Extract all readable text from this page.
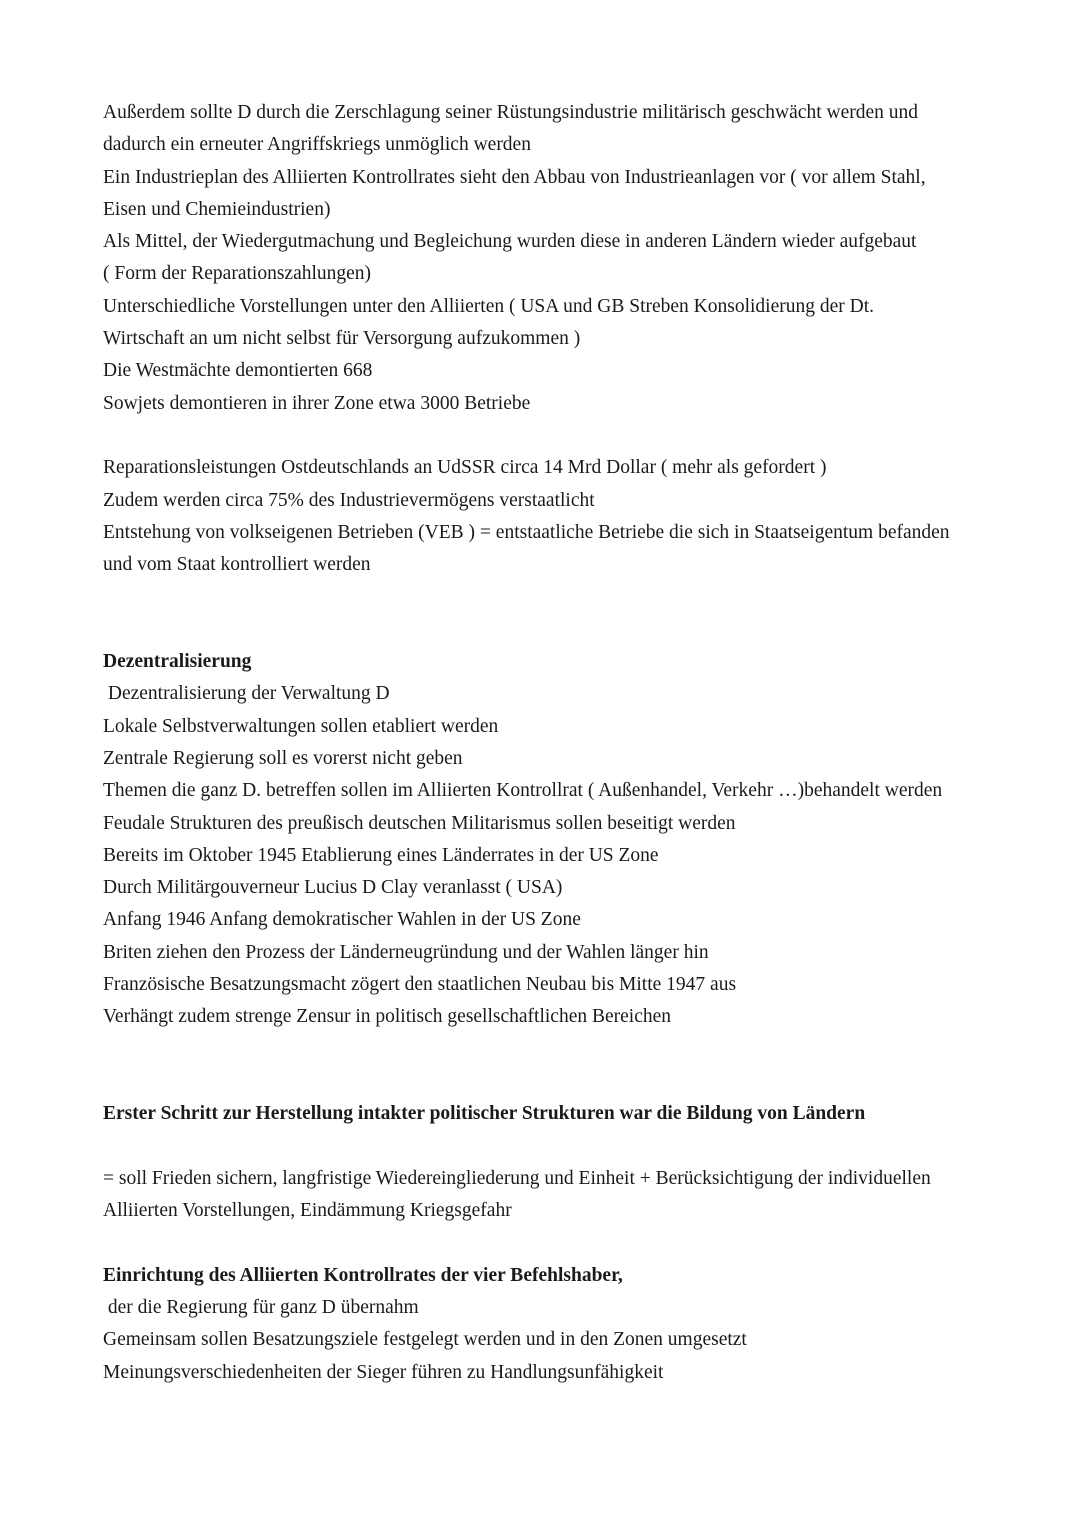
Außerdem sollte D durch die Zerschlagung seiner Rüstungsindustrie militärisch geschwächt werden und
dadurch ein erneuter Angriffskriegs unmöglich werden
Ein Industrieplan des Alliierten Kontrollrates sieht den Abbau von Industrieanlagen vor ( vor allem Stahl,
Eisen und Chemieindustrien)
Als Mittel, der Wiedergutmachung und Begleichung wurden diese in anderen Ländern wieder aufgebaut
( Form der Reparationszahlungen)
Unterschiedliche Vorstellungen unter den Alliierten ( USA und GB Streben Konsolidierung der Dt.
Wirtschaft an um nicht selbst für Versorgung aufzukommen )
Die Westmächte demontierten 668
Sowjets demontieren in ihrer Zone etwa 3000 Betriebe
Reparationsleistungen Ostdeutschlands an UdSSR circa 14 Mrd Dollar ( mehr als gefordert )
Zudem werden circa 75% des Industrievermögens verstaatlicht
Entstehung von volkseigenen Betrieben (VEB ) = entstaatliche Betriebe die sich in Staatseigentum befanden
und vom Staat kontrolliert werden
Dezentralisierung
Dezentralisierung der Verwaltung D
Lokale Selbstverwaltungen sollen etabliert werden
Zentrale Regierung soll es vorerst nicht geben
Themen die ganz D. betreffen sollen im Alliierten Kontrollrat ( Außenhandel, Verkehr …)behandelt werden
Feudale Strukturen des preußisch deutschen Militarismus sollen beseitigt werden
Bereits im Oktober 1945 Etablierung eines Länderrates in der US Zone
Durch Militärgouverneur Lucius D Clay veranlasst ( USA)
Anfang 1946 Anfang demokratischer Wahlen in der US Zone
Briten ziehen den Prozess der Länderneugründung und der Wahlen länger hin
Französische Besatzungsmacht zögert den staatlichen Neubau bis Mitte 1947 aus
Verhängt zudem strenge Zensur in politisch gesellschaftlichen Bereichen
Erster Schritt zur Herstellung intakter politischer Strukturen war die Bildung von Ländern
= soll Frieden sichern, langfristige Wiedereingliederung und Einheit + Berücksichtigung der individuellen
Alliierten Vorstellungen, Eindämmung Kriegsgefahr
Einrichtung des Alliierten Kontrollrates der vier Befehlshaber,
der die Regierung für ganz D übernahm
Gemeinsam sollen Besatzungsziele festgelegt werden und in den Zonen umgesetzt
Meinungsverschiedenheiten der Sieger führen zu Handlungsunfähigkeit
